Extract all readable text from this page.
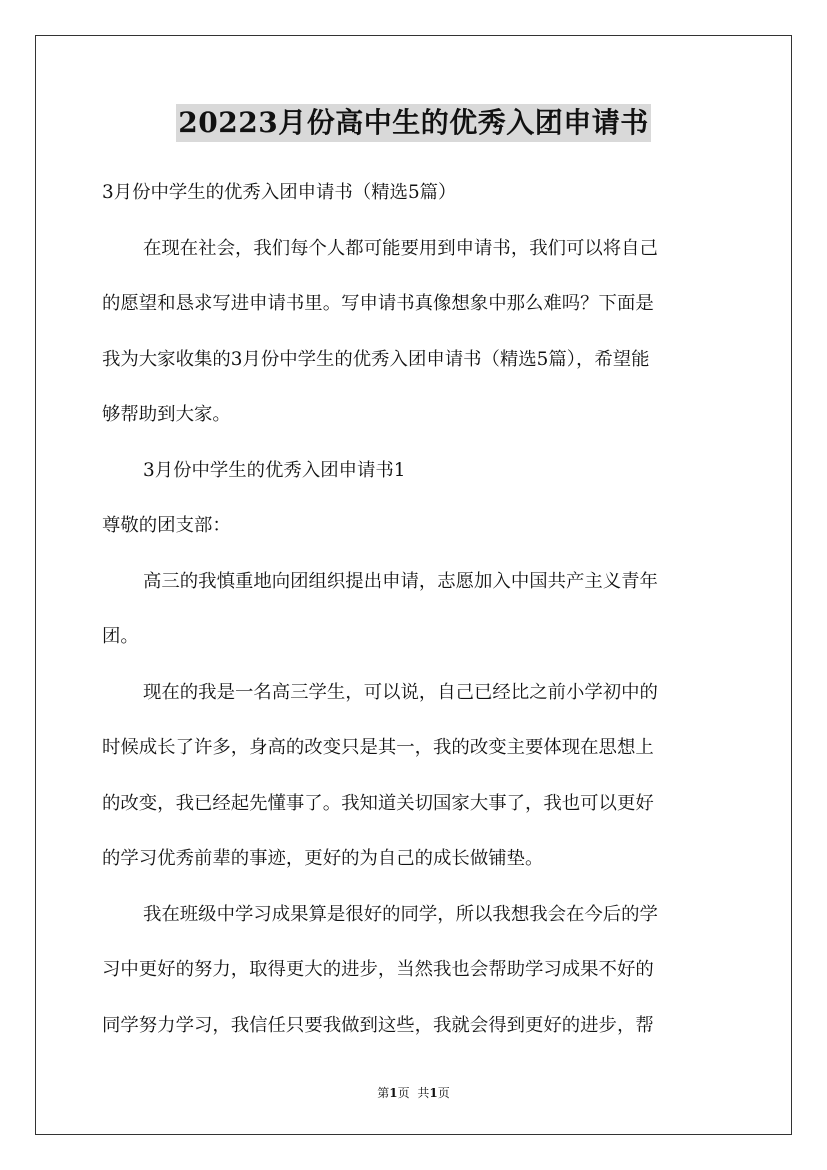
20223月份高中生的优秀入团申请书
3月份中学生的优秀入团申请书（精选5篇）
在现在社会，我们每个人都可能要用到申请书，我们可以将自己
的愿望和恳求写进申请书里。写申请书真像想象中那么难吗？下面是
我为大家收集的3月份中学生的优秀入团申请书（精选5篇），希望能
够帮助到大家。
3月份中学生的优秀入团申请书1
尊敬的团支部：
高三的我慎重地向团组织提出申请，志愿加入中国共产主义青年
团。
现在的我是一名高三学生，可以说，自己已经比之前小学初中的
时候成长了许多，身高的改变只是其一，我的改变主要体现在思想上
的改变，我已经起先懂事了。我知道关切国家大事了，我也可以更好
的学习优秀前辈的事迹，更好的为自己的成长做铺垫。
我在班级中学习成果算是很好的同学，所以我想我会在今后的学
习中更好的努力，取得更大的进步，当然我也会帮助学习成果不好的
同学努力学习，我信任只要我做到这些，我就会得到更好的进步，帮
第1页 共1页
